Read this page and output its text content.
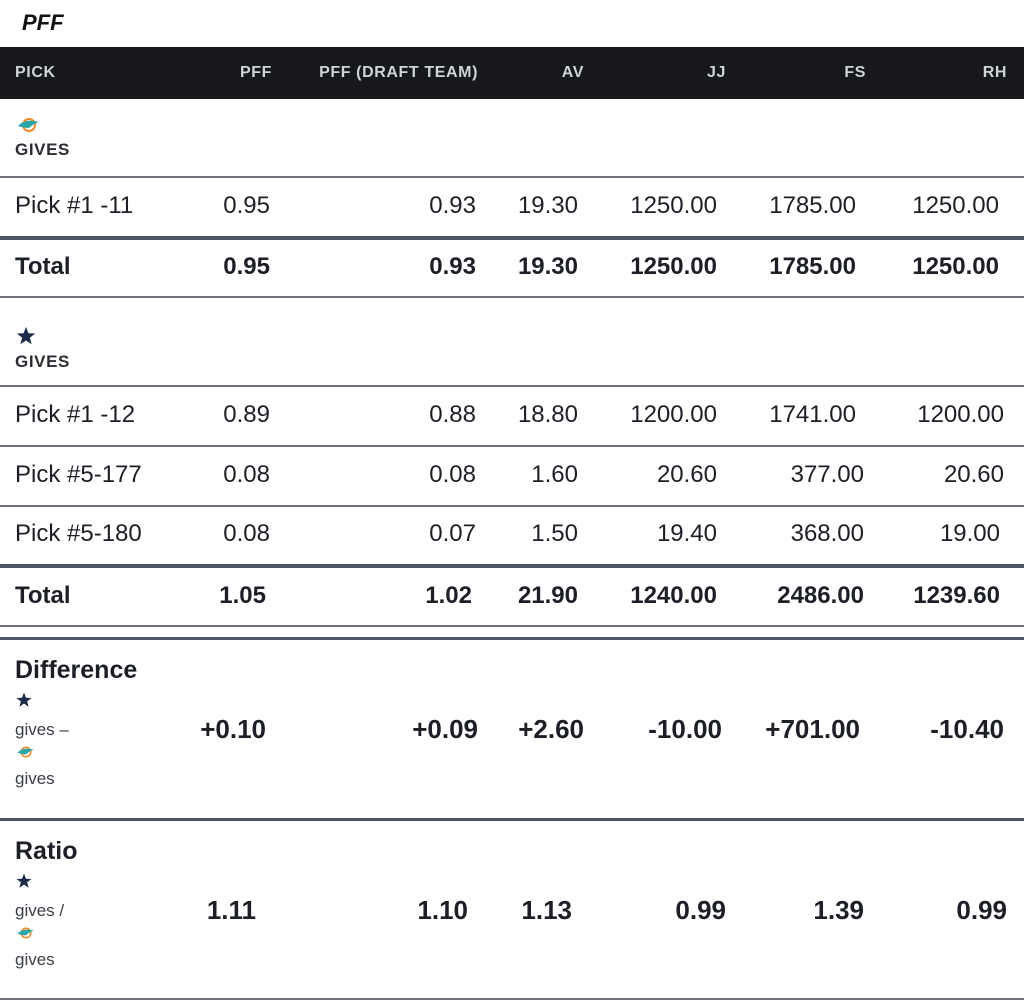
PFF
PICK	PFF	PFF (DRAFT TEAM)	AV	JJ	FS	RH
GIVES
Pick #1 -11	0.95	0.93 19.30 1250.00 1785.00 1250.00
Total	0.95	0.93 19.30 1250.00 1785.00 1250.00
GIVES
Pick #1 -12	0.89	0.88 18.80 1200.00 1741.00	1200.00
Pick #5-177	0.08	0.08 1.60	20.60	377.00	20.60
Pick #5-180	0.08	0.07 1.50	19.40	368.00	19.00
Total	1.05	1.02 21.90 1240.00	2486.00 1239.60
Difference
gives –
gives
+0.10	+0.09 +2.60 -10.00 +701.00	-10.40
Ratio
gives /
gives
1.11	1.10 1.13	0.99	1.39	0.99
